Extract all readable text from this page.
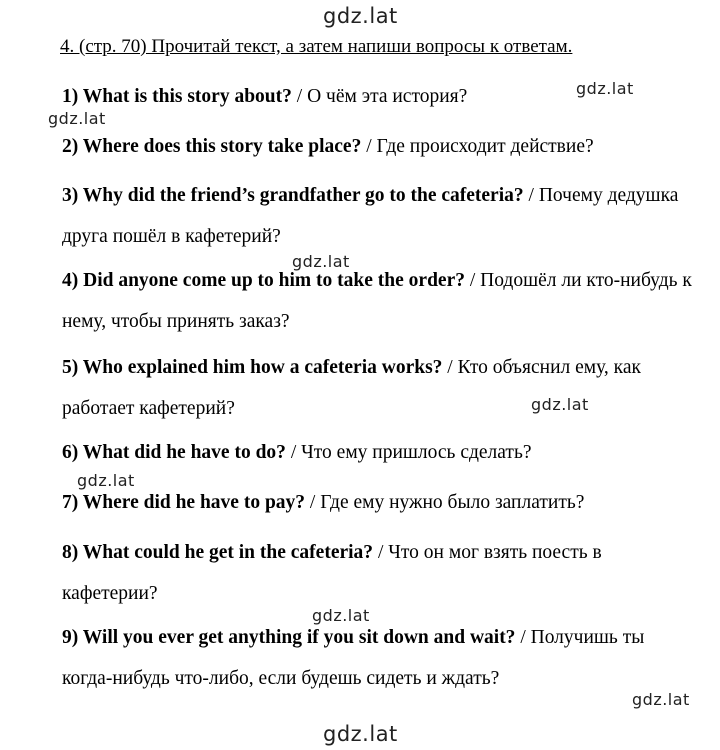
gdz.lat
gdz.lat
gdz.lat
gdz.lat
gdz.lat
gdz.lat
gdz.lat
gdz.lat
gdz.lat
4. (стр. 70) Прочитай текст, а затем напиши вопросы к ответам.
1) What is this story about? / О чём эта история?
2) Where does this story take place? / Где происходит действие?
3) Why did the friend’s grandfather go to the cafeteria? / Почему дедушка друга пошёл в кафетерий?
4) Did anyone come up to him to take the order? / Подошёл ли кто-нибудь к нему, чтобы принять заказ?
5) Who explained him how a cafeteria works? / Кто объяснил ему, как работает кафетерий?
6) What did he have to do? / Что ему пришлось сделать?
7) Where did he have to pay? / Где ему нужно было заплатить?
8) What could he get in the cafeteria? / Что он мог взять поесть в кафетерии?
9) Will you ever get anything if you sit down and wait? / Получишь ты когда-нибудь что-либо, если будешь сидеть и ждать?
